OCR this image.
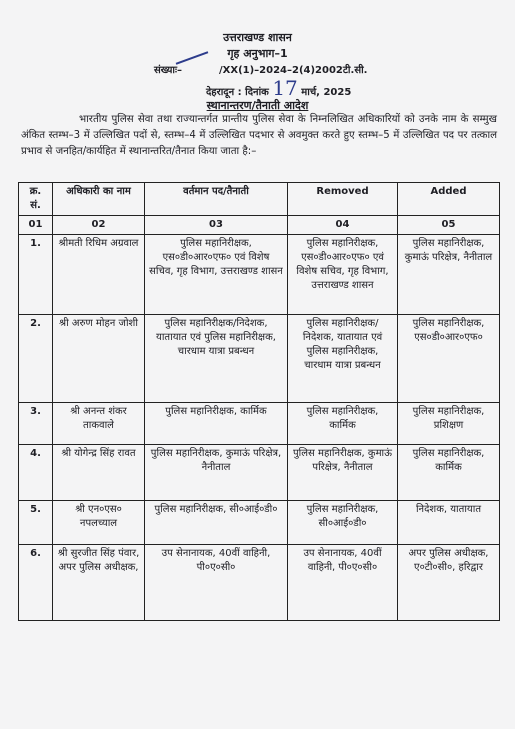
उत्तराखण्ड शासन
गृह अनुभाग–1
संख्याः–	/XX(1)–2024–2(4)2002टी.सी.
देहरादून : दिनांक 17 मार्च, 2025
स्थानान्तरण/तैनाती आदेश
भारतीय पुलिस सेवा तथा राज्यान्तर्गत प्रान्तीय पुलिस सेवा के निम्नलिखित अधिकारियों को उनके नाम के सम्मुख अंकित स्तम्भ–3 में उल्लिखित पदों से, स्तम्भ–4 में उल्लिखित पदभार से अवमुक्त करते हुए स्तम्भ–5 में उल्लिखित पद पर तत्काल प्रभाव से जनहित/कार्यहित में स्थानान्तरित/तैनात किया जाता है:–
क्र. सं.	अधिकारी का नाम	वर्तमान पद/तैनाती	Removed	Added
01	02	03	04	05
1.	श्रीमती रिधिम अग्रवाल	पुलिस महानिरीक्षक, एस०डी०आर०एफ० एवं विशेष सचिव, गृह विभाग, उत्तराखण्ड शासन	पुलिस महानिरीक्षक, एस०डी०आर०एफ० एवं विशेष सचिव, गृह विभाग, उत्तराखण्ड शासन	पुलिस महानिरीक्षक, कुमाऊं परिक्षेत्र, नैनीताल
2.	श्री अरुण मोहन जोशी	पुलिस महानिरीक्षक/निदेशक, यातायात एवं पुलिस महानिरीक्षक, चारधाम यात्रा प्रबन्धन	पुलिस महानिरीक्षक/निदेशक, यातायात एवं पुलिस महानिरीक्षक, चारधाम यात्रा प्रबन्धन	पुलिस महानिरीक्षक, एस०डी०आर०एफ०
3.	श्री अनन्त शंकर ताकवाले	पुलिस महानिरीक्षक, कार्मिक	पुलिस महानिरीक्षक, कार्मिक	पुलिस महानिरीक्षक, प्रशिक्षण
4.	श्री योगेन्द्र सिंह रावत	पुलिस महानिरीक्षक, कुमाऊं परिक्षेत्र, नैनीताल	पुलिस महानिरीक्षक, कुमाऊं परिक्षेत्र, नैनीताल	पुलिस महानिरीक्षक, कार्मिक
5.	श्री एन०एस० नपलच्याल	पुलिस महानिरीक्षक, सी०आई०डी०	पुलिस महानिरीक्षक, सी०आई०डी०	निदेशक, यातायात
6.	श्री सुरजीत सिंह पंवार, अपर पुलिस अधीक्षक,	उप सेनानायक, 40वीं वाहिनी, पी०ए०सी०	उप सेनानायक, 40वीं वाहिनी, पी०ए०सी०	अपर पुलिस अधीक्षक, ए०टी०सी०, हरिद्वार
